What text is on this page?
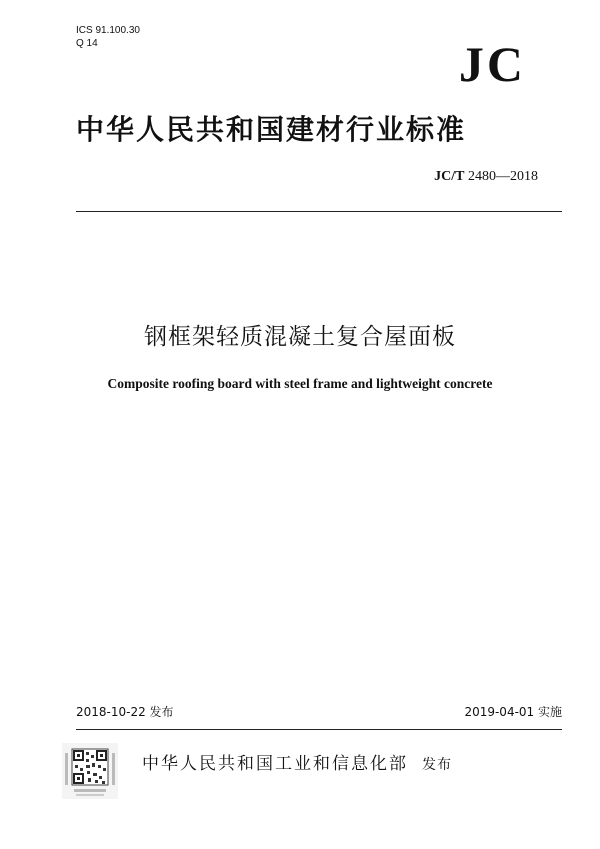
ICS 91.100.30
Q 14	JC
中华人民共和国建材行业标准
JC/T 2480—2018
钢框架轻质混凝土复合屋面板
Composite roofing board with steel frame and lightweight concrete
2018-10-22 发布	2019-04-01 实施
中华人民共和国工业和信息化部 发布
